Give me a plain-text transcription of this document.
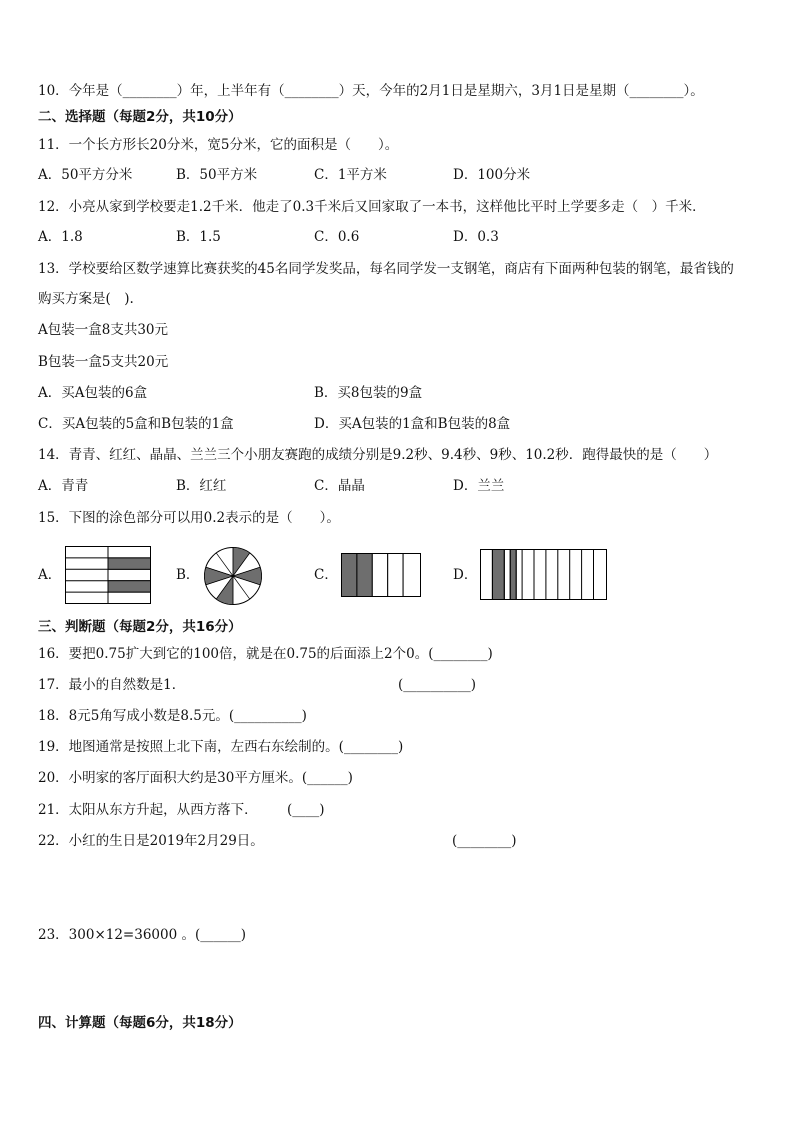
10．今年是（________）年，上半年有（________）天，今年的2月1日是星期六，3月1日是星期（________）。
二、选择题（每题2分，共10分）
11．一个长方形长20分米，宽5分米，它的面积是（　　）。
A．50平方分米	B．50平方米	C．1平方米	D．100分米
12．小亮从家到学校要走1.2千米．他走了0.3千米后又回家取了一本书，这样他比平时上学要多走（　）千米．
A．1.8	B．1.5	C．0.6	D．0.3
13．学校要给区数学速算比赛获奖的45名同学发奖品，每名同学发一支钢笔，商店有下面两种包装的钢笔，最省钱的
购买方案是(　).
A包装一盒8支共30元
B包装一盒5支共20元
A．买A包装的6盒	B．买8包装的9盒
C．买A包装的5盒和B包装的1盒	D．买A包装的1盒和B包装的8盒
14．青青、红红、晶晶、兰兰三个小朋友赛跑的成绩分别是9.2秒、9.4秒、9秒、10.2秒．跑得最快的是（　　）
A．青青	B．红红	C．晶晶	D．兰兰
15．下图的涂色部分可以用0.2表示的是（　　）。
A．	B．	C．	D．
三、判断题（每题2分，共16分）
16．要把0.75扩大到它的100倍，就是在0.75的后面添上2个0。(________)
17．最小的自然数是1．	(__________)
18．8元5角写成小数是8.5元。(__________)
19．地图通常是按照上北下南，左西右东绘制的。(________)
20．小明家的客厅面积大约是30平方厘米。(______)
21．太阳从东方升起，从西方落下． (____)
22．小红的生日是2019年2月29日。	(________)
23．300×12=36000 。(______)
四、计算题（每题6分，共18分）
